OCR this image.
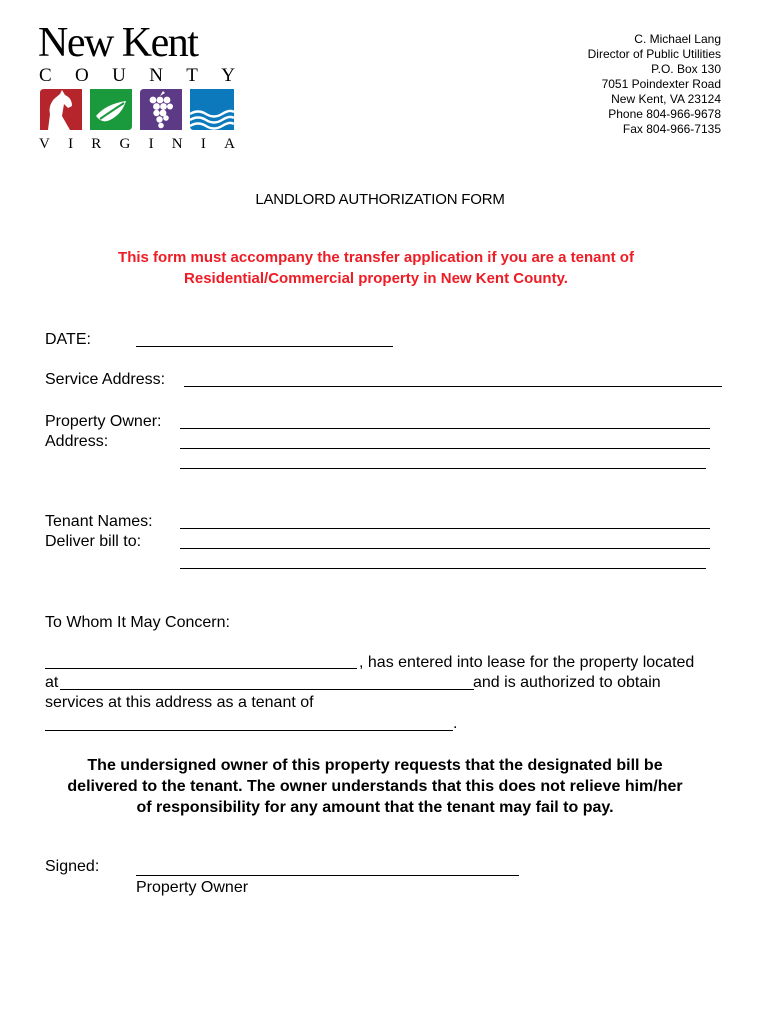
New Kent
C O U N T Y
V I R G I N I A
C. Michael Lang
Director of Public Utilities
P.O. Box 130
7051 Poindexter Road
New Kent, VA 23124
Phone 804-966-9678
Fax 804-966-7135
LANDLORD AUTHORIZATION FORM
This form must accompany the transfer application if you are a tenant of
Residential/Commercial property in New Kent County.
DATE:
Service Address:
Property Owner:
Address:
Tenant Names:
Deliver bill to:
To Whom It May Concern:
, has entered into lease for the property located
at	and is authorized to obtain
services at this address as a tenant of
.
The undersigned owner of this property requests that the designated bill be
delivered to the tenant. The owner understands that this does not relieve him/her
of responsibility for any amount that the tenant may fail to pay.
Signed:
Property Owner
